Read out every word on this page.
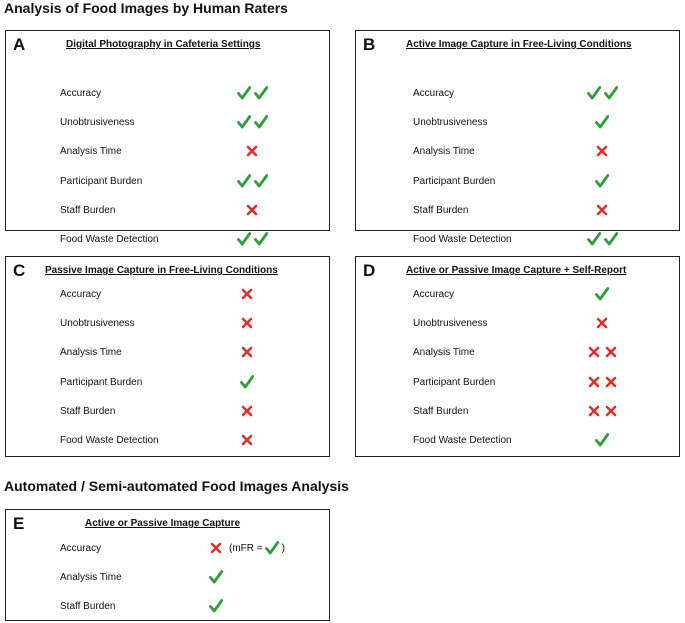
Analysis of Food Images by Human Raters
Automated / Semi-automated Food Images Analysis
A	Digital Photography in Cafeteria Settings
Accuracy
Unobtrusiveness
Analysis Time
Participant Burden
Staff Burden
Food Waste Detection
B	Active Image Capture in Free-Living Conditions
Accuracy
Unobtrusiveness
Analysis Time
Participant Burden
Staff Burden
Food Waste Detection
C Passive Image Capture in Free-Living Conditions
Accuracy
Unobtrusiveness
Analysis Time
Participant Burden
Staff Burden
Food Waste Detection
D	Active or Passive Image Capture + Self-Report
Accuracy
Unobtrusiveness
Analysis Time
Participant Burden
Staff Burden
Food Waste Detection
E	Active or Passive Image Capture
Accuracy	(mFR = )
Analysis Time
Staff Burden
